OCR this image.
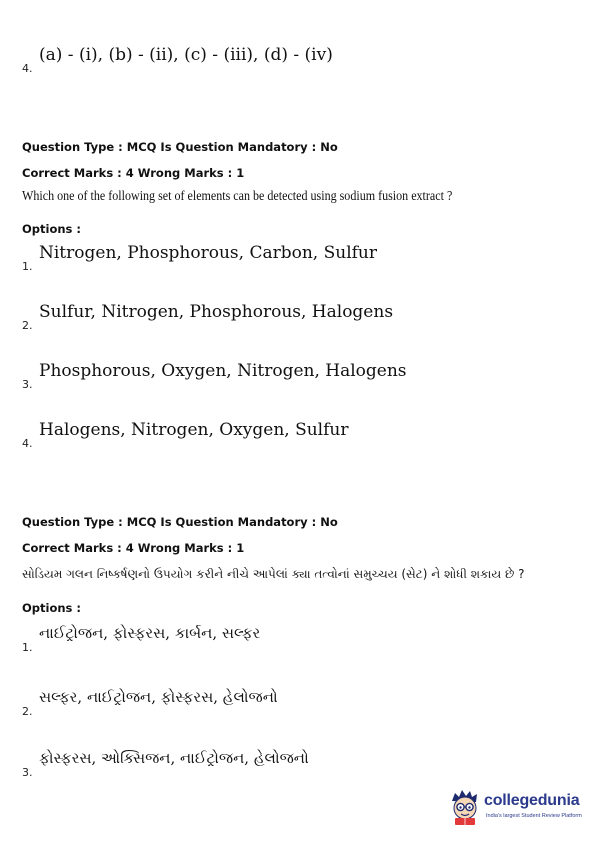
4.
(a) - (i), (b) - (ii), (c) - (iii), (d) - (iv)
Question Type : MCQ Is Question Mandatory : No
Correct Marks : 4 Wrong Marks : 1
Which one of the following set of elements can be detected using sodium fusion extract ?
Options :
1.
Nitrogen, Phosphorous, Carbon, Sulfur
2.
Sulfur, Nitrogen, Phosphorous, Halogens
3.
Phosphorous, Oxygen, Nitrogen, Halogens
4.
Halogens, Nitrogen, Oxygen, Sulfur
Question Type : MCQ Is Question Mandatory : No
Correct Marks : 4 Wrong Marks : 1
સોડિયમ ગલન નિષ્કર્ષણનો ઉપયોગ કરીને નીચે આપેલાં ક્યા તત્વોનાં સમુચ્ચય (સેટ) ને શોધી શકાય છે ?
Options :
1.
નાઈટ્રોજન, ફોસ્ફરસ, કાર્બન, સલ્ફર
2.
સલ્ફર, નાઈટ્રોજન, ફોસ્ફરસ, હેલોજનો
3.
ફોસ્ફરસ, ઓક્સિજન, નાઈટ્રોજન, હેલોજનો
collegedunia
India's largest Student Review Platform
